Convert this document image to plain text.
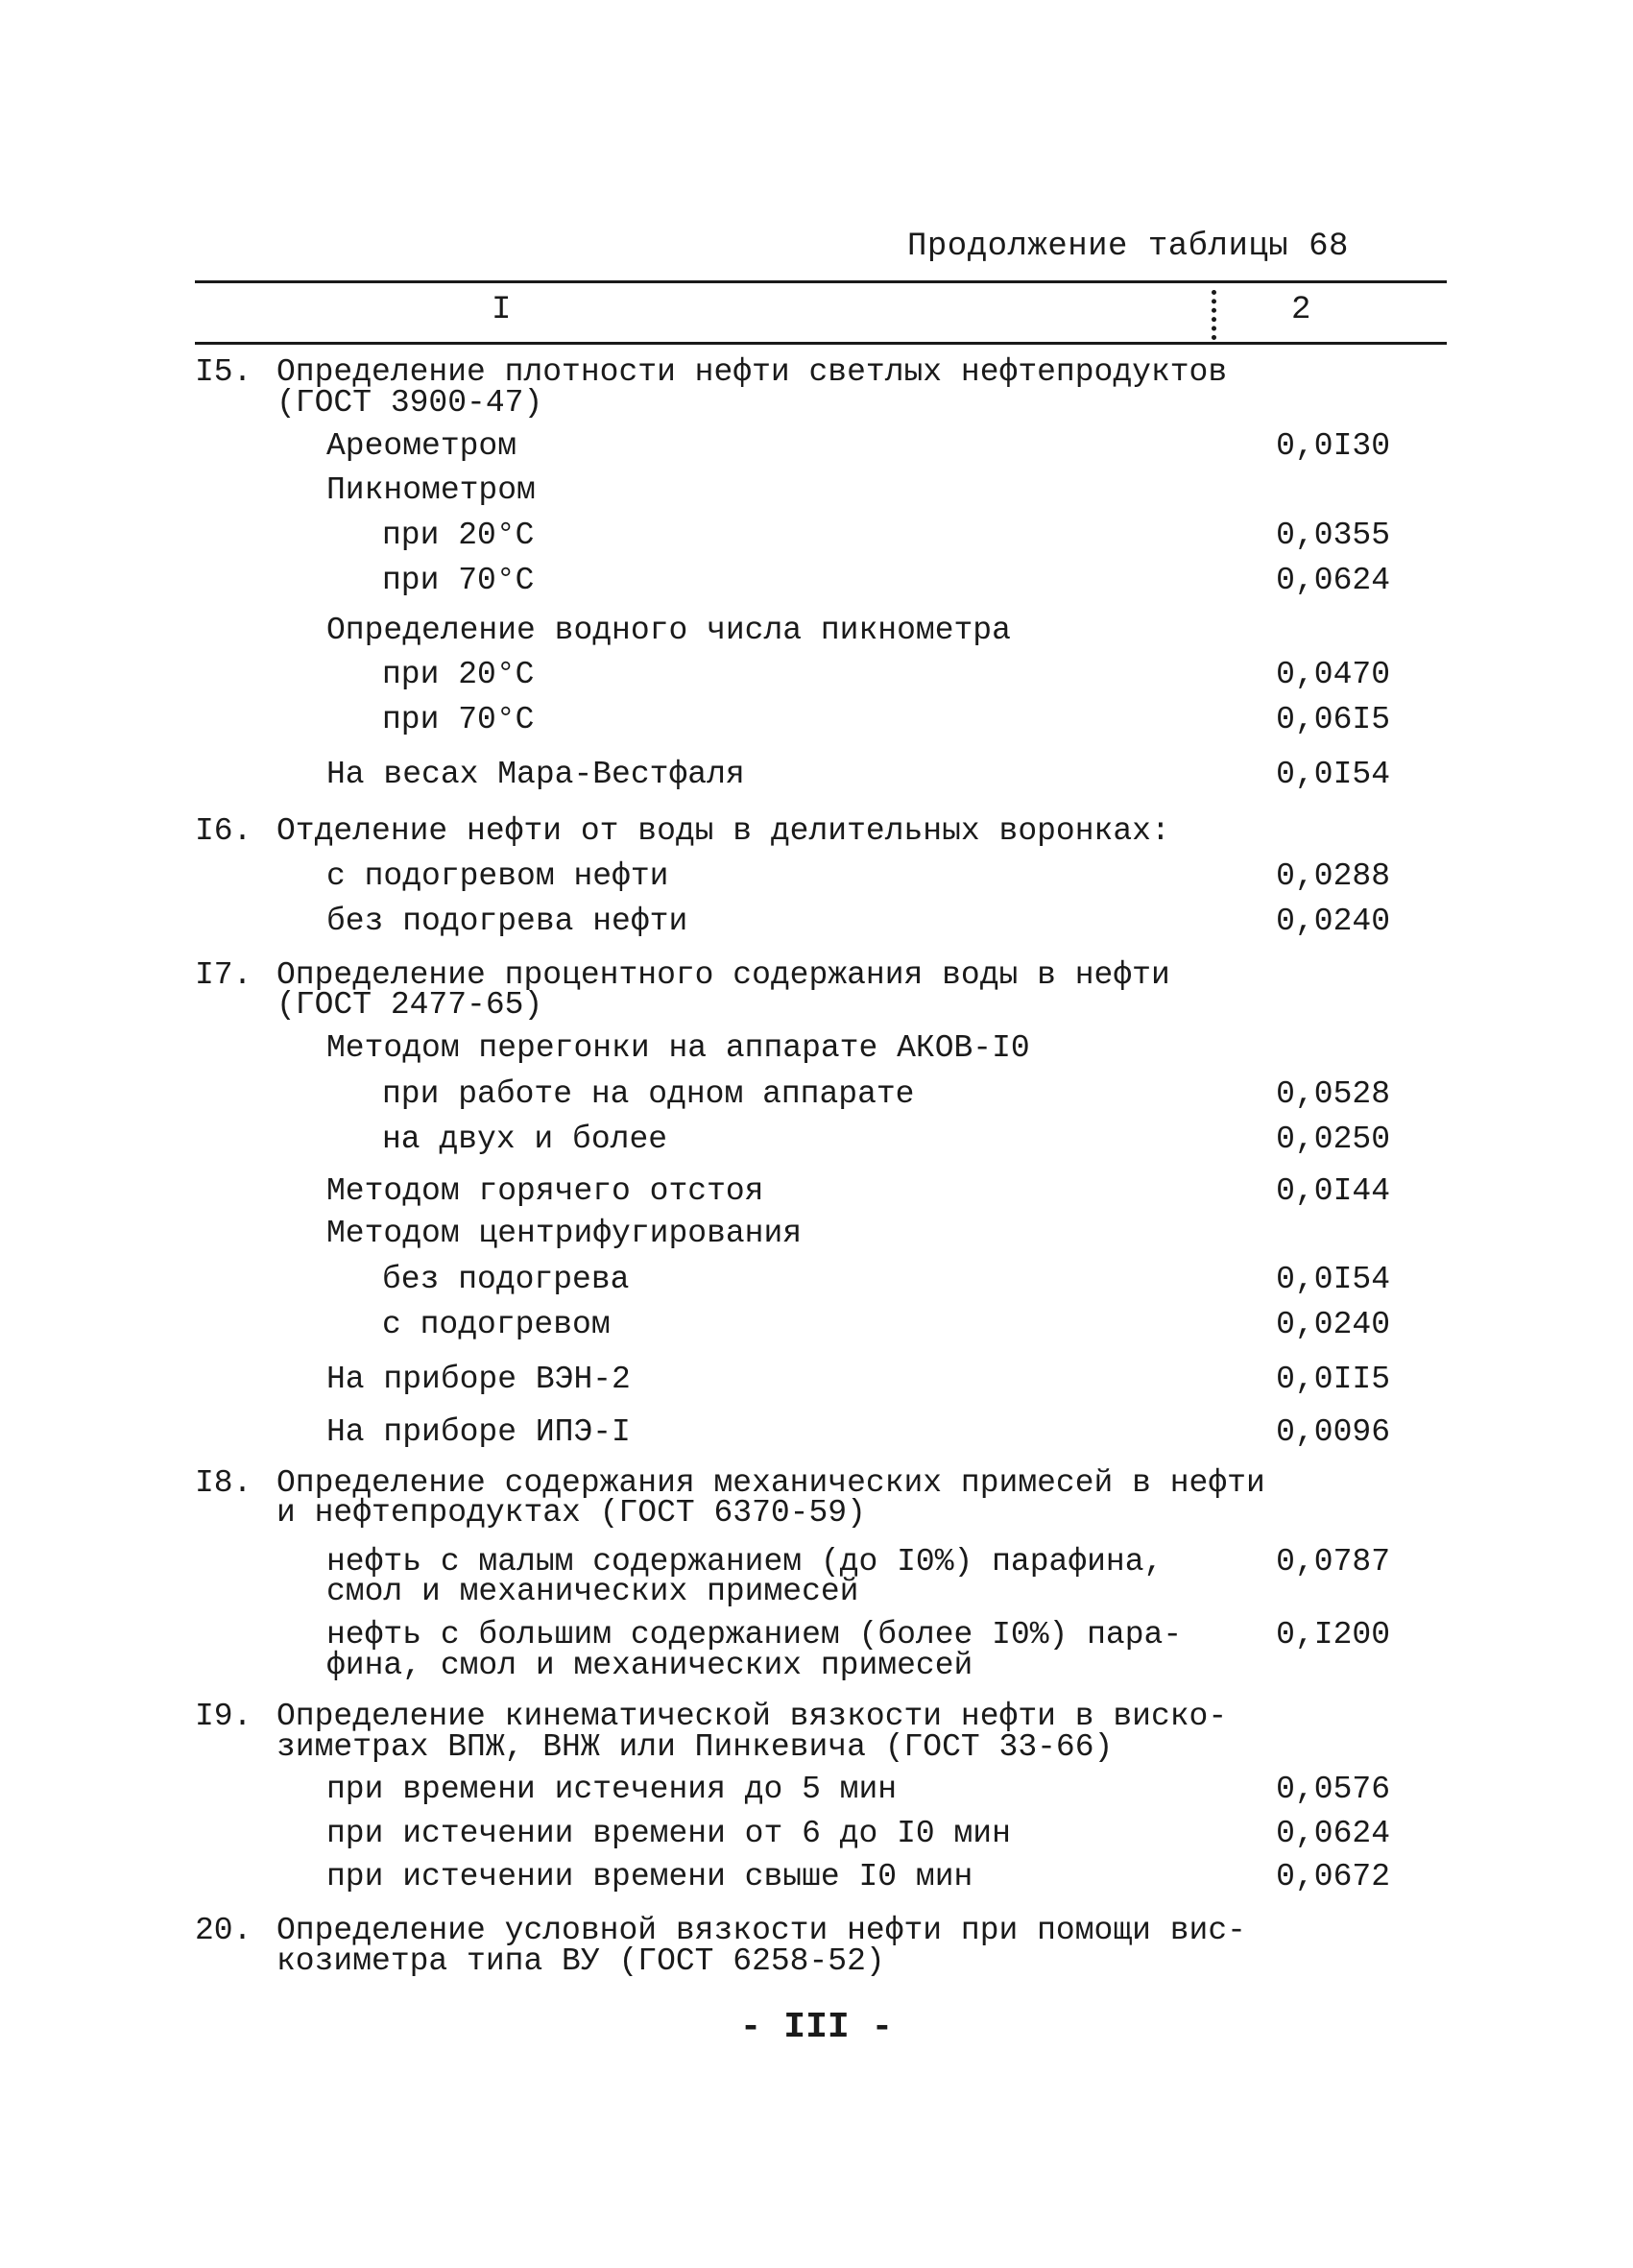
Продолжение таблицы 68
I	2
I5. Определение плотности нефти светлых нефтепродуктов
(ГОСТ 3900-47)
Ареометром	0,0I30
Пикнометром
при 20°С	0,0355
при 70°С	0,0624
Определение водного числа пикнометра
при 20°С	0,0470
при 70°С	0,06I5
На весах Мара-Вестфаля	0,0I54
I6. Отделение нефти от воды в делительных воронках:
с подогревом нефти	0,0288
без подогрева нефти	0,0240
I7. Определение процентного содержания воды в нефти
(ГОСТ 2477-65)
Методом перегонки на аппарате АКОВ-I0
при работе на одном аппарате	0,0528
на двух и более	0,0250
Методом горячего отстоя	0,0I44
Методом центрифугирования
без подогрева	0,0I54
с подогревом	0,0240
На приборе ВЭН-2	0,0II5
На приборе ИПЭ-I	0,0096
I8. Определение содержания механических примесей в нефти
и нефтепродуктах (ГОСТ 6370-59)
нефть с малым содержанием (до I0%) парафина,	0,0787
смол и механических примесей
нефть с большим содержанием (более I0%) пара-	0,I200
фина, смол и механических примесей
I9. Определение кинематической вязкости нефти в виско-
зиметрах ВПЖ, ВНЖ или Пинкевича (ГОСТ 33-66)
при времени истечения до 5 мин	0,0576
при истечении времени от 6 до I0 мин	0,0624
при истечении времени свыше I0 мин	0,0672
20. Определение условной вязкости нефти при помощи вис-
козиметра типа ВУ (ГОСТ 6258-52)
- III -
